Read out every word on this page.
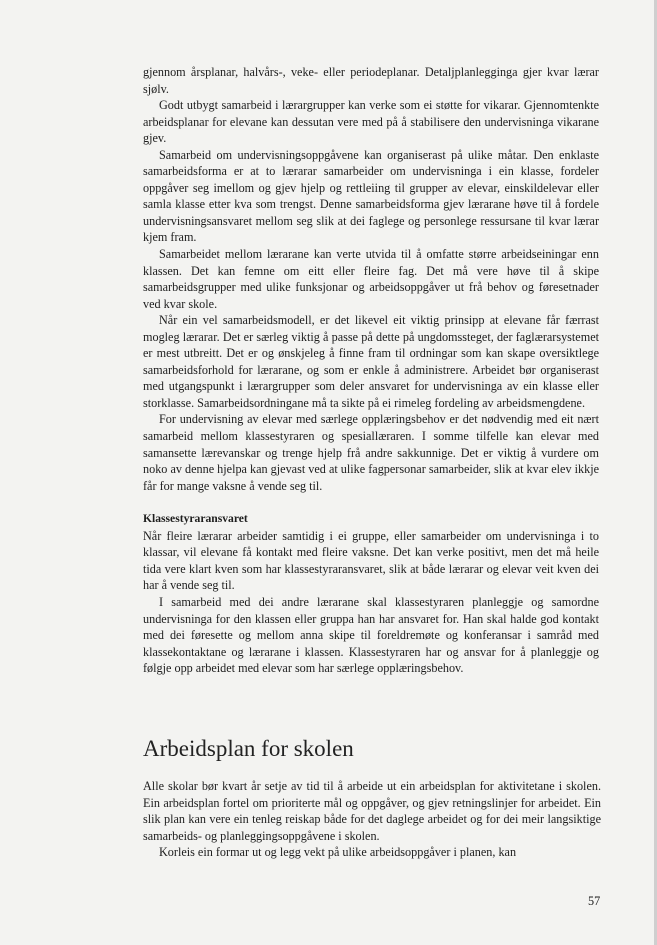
gjennom årsplanar, halvårs-, veke- eller periodeplanar. Detaljplanlegginga gjer kvar lærar sjølv.

Godt utbygt samarbeid i lærargrupper kan verke som ei støtte for vikarar. Gjennomtenkte arbeidsplanar for elevane kan dessutan vere med på å stabilisere den undervisninga vikarane gjev.

Samarbeid om undervisningsoppgåvene kan organiserast på ulike måtar. Den enklaste samarbeidsforma er at to lærarar samarbeider om undervisninga i ein klasse, fordeler oppgåver seg imellom og gjev hjelp og rettleiing til grupper av elevar, einskildelevar eller samla klasse etter kva som trengst. Denne samarbeidsforma gjev lærarane høve til å fordele undervisningsansvaret mellom seg slik at dei faglege og personlege ressursane til kvar lærar kjem fram.

Samarbeidet mellom lærarane kan verte utvida til å omfatte større arbeidseiningar enn klassen. Det kan femne om eitt eller fleire fag. Det må vere høve til å skipe samarbeidsgrupper med ulike funksjonar og arbeidsoppgåver ut frå behov og føresetnader ved kvar skole.

Når ein vel samarbeidsmodell, er det likevel eit viktig prinsipp at elevane får færrast mogleg lærarar. Det er særleg viktig å passe på dette på ungdomssteget, der faglærarsystemet er mest utbreitt. Det er og ønskjeleg å finne fram til ordningar som kan skape oversiktlege samarbeidsforhold for lærarane, og som er enkle å administrere. Arbeidet bør organiserast med utgangspunkt i lærargrupper som deler ansvaret for undervisninga av ein klasse eller storklasse. Samarbeidsordningane må ta sikte på ei rimeleg fordeling av arbeidsmengdene.

For undervisning av elevar med særlege opplæringsbehov er det nødvendig med eit nært samarbeid mellom klassestyraren og spesiallæraren. I somme tilfelle kan elevar med samansette lærevanskar og trenge hjelp frå andre sakkunnige. Det er viktig å vurdere om noko av denne hjelpa kan gjevast ved at ulike fagpersonar samarbeider, slik at kvar elev ikkje får for mange vaksne å vende seg til.

Klassestyraransvaret

Når fleire lærarar arbeider samtidig i ei gruppe, eller samarbeider om undervisninga i to klassar, vil elevane få kontakt med fleire vaksne. Det kan verke positivt, men det må heile tida vere klart kven som har klassestyraransvaret, slik at både lærarar og elevar veit kven dei har å vende seg til.

I samarbeid med dei andre lærarane skal klassestyraren planleggje og samordne undervisninga for den klassen eller gruppa han har ansvaret for. Han skal halde god kontakt med dei føresette og mellom anna skipe til foreldremøte og konferansar i samråd med klassekontaktane og lærarane i klassen. Klassestyraren har og ansvar for å planleggje og følgje opp arbeidet med elevar som har særlege opplæringsbehov.

Arbeidsplan for skolen

Alle skolar bør kvart år setje av tid til å arbeide ut ein arbeidsplan for aktivitetane i skolen. Ein arbeidsplan fortel om prioriterte mål og oppgåver, og gjev retningslinjer for arbeidet. Ein slik plan kan vere ein tenleg reiskap både for det daglege arbeidet og for dei meir langsiktige samarbeids- og planleggingsoppgåvene i skolen.

Korleis ein formar ut og legg vekt på ulike arbeidsoppgåver i planen, kan

57
